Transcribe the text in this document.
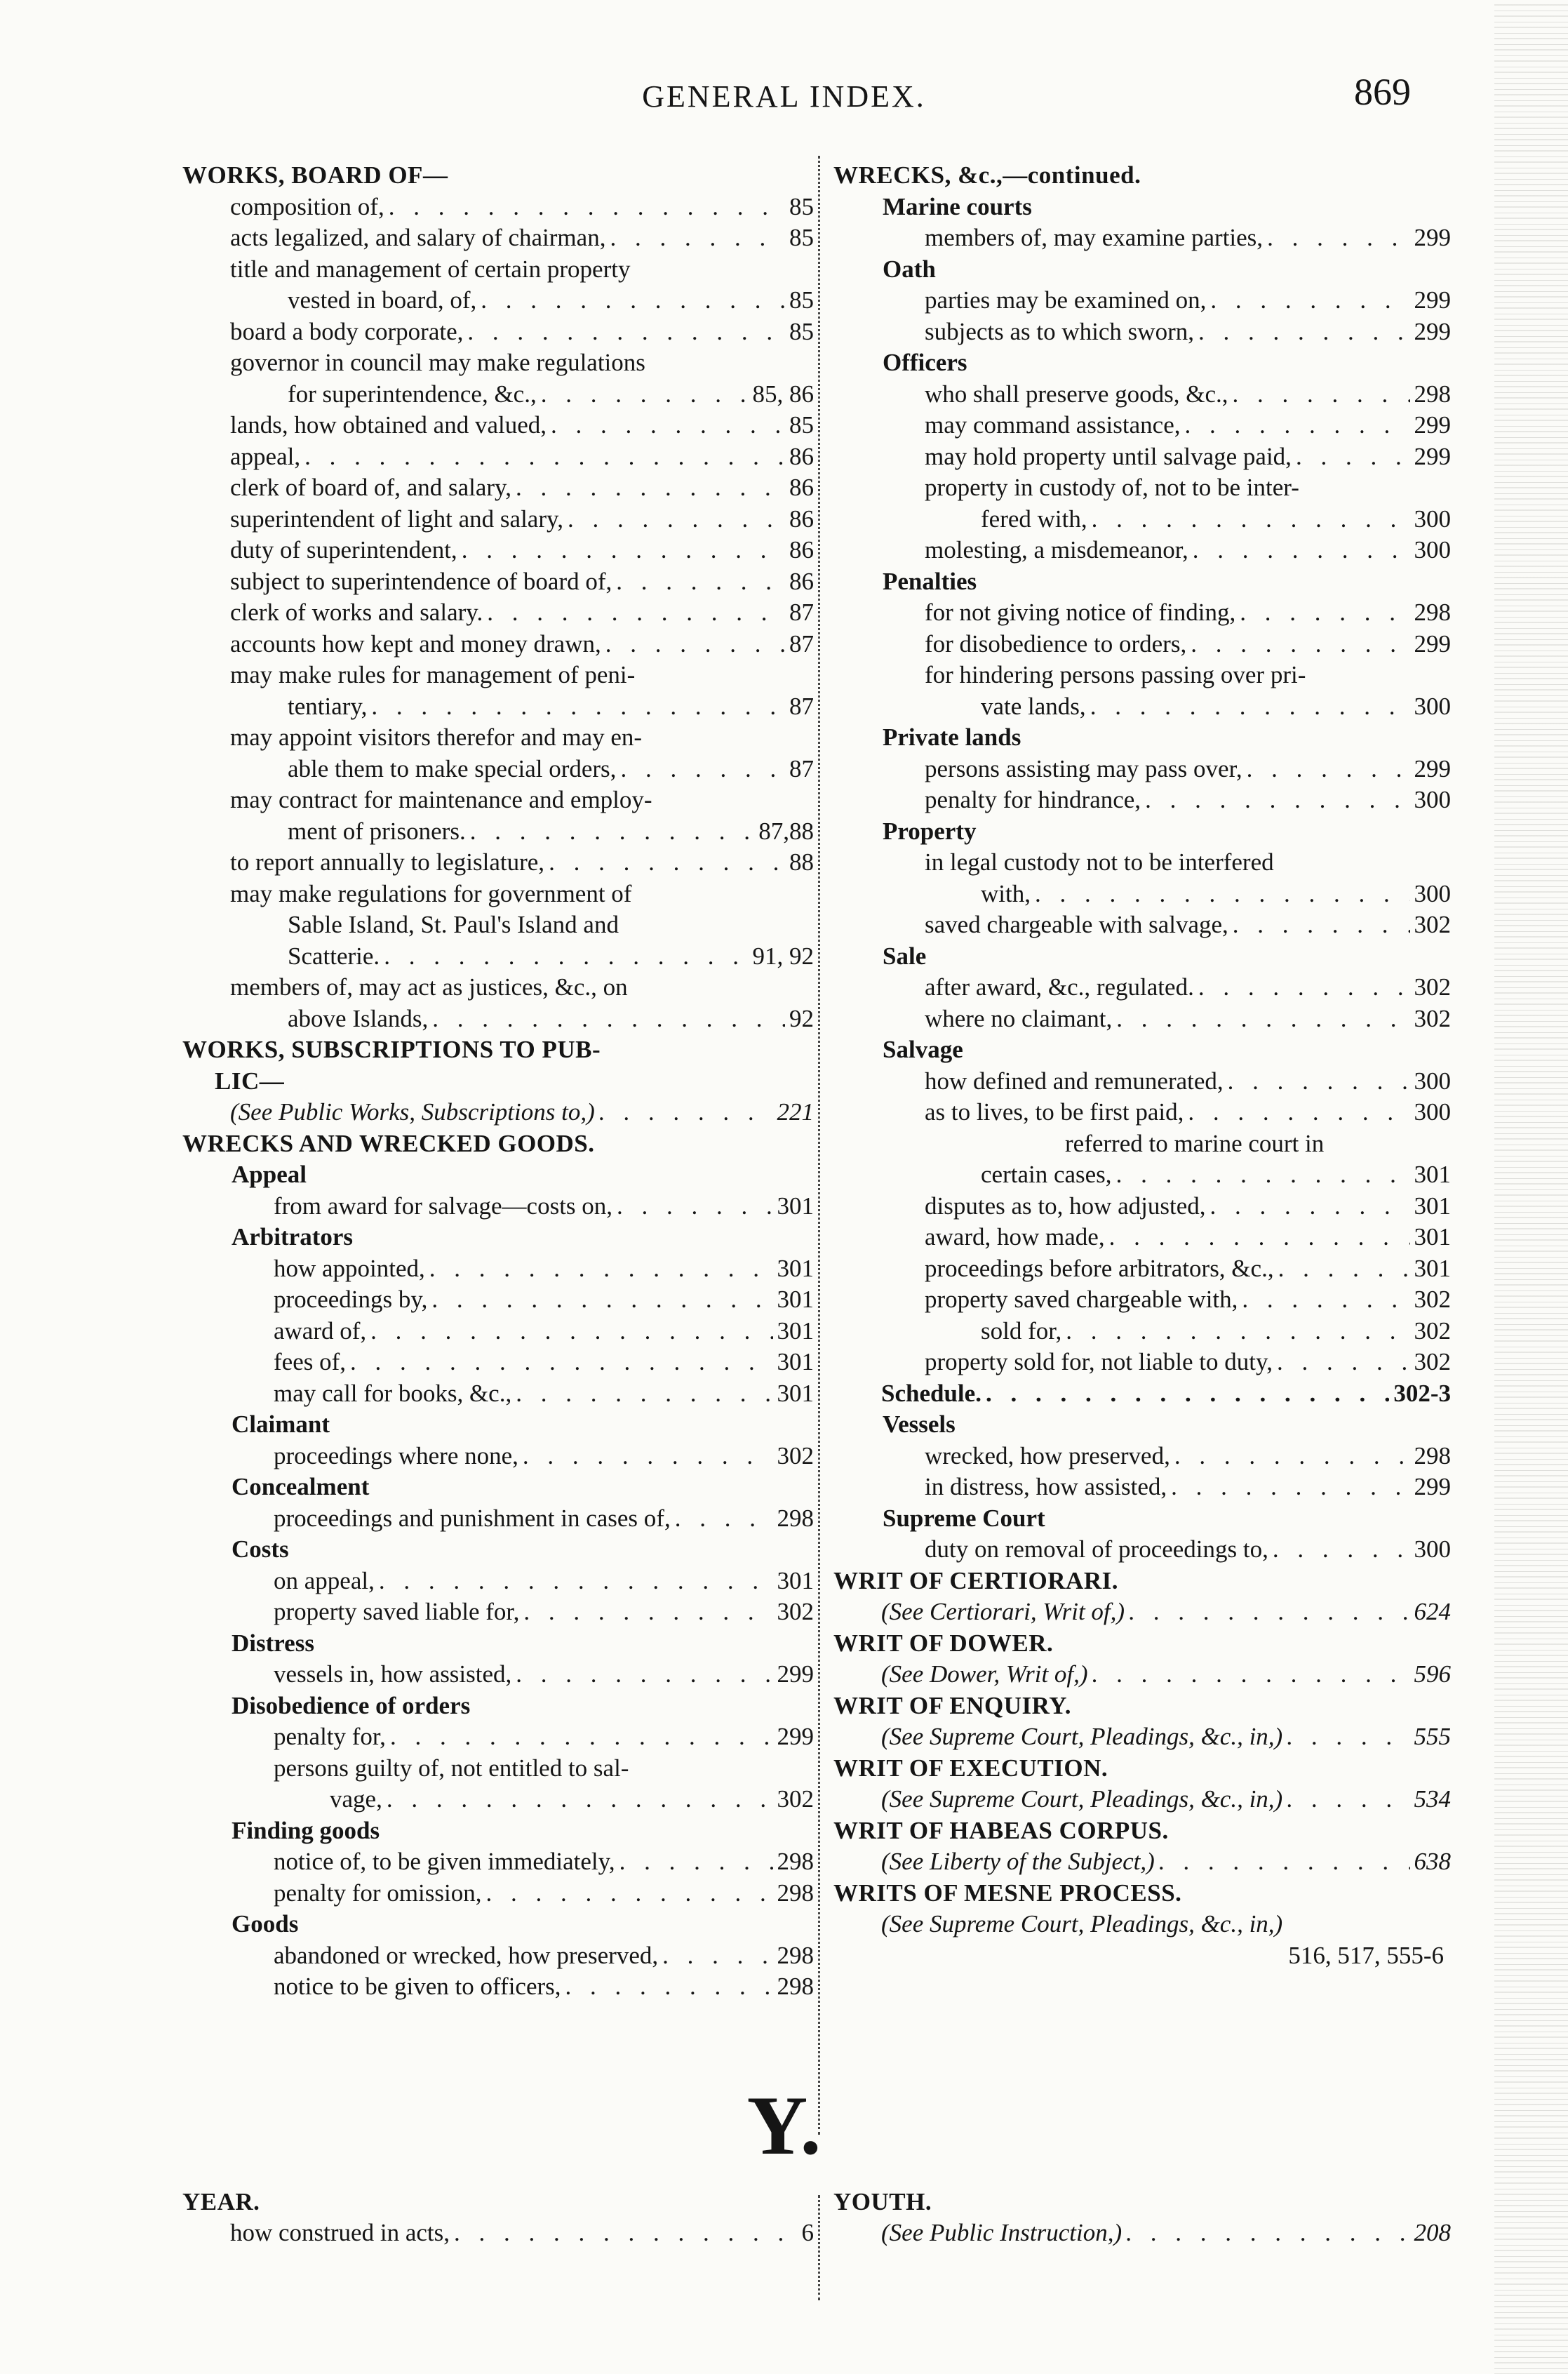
GENERAL INDEX.	869
WORKS, BOARD OF—
composition of, . . .	85
acts legalized, and salary of chairman, . . .	85
title and management of certain property
vested in board, of, . . .	85
board a body corporate, . . .	85
governor in council may make regulations
for superintendence, &c., . . .	85, 86
lands, how obtained and valued, . . .	85
appeal, . . .	86
clerk of board of, and salary, . . .	86
superintendent of light and salary, . . .	86
duty of superintendent, . . .	86
subject to superintendence of board of, . . .	86
clerk of works and salary. . . .	87
accounts how kept and money drawn, . . .	87
may make rules for management of peni-
tentiary, . . .	87
may appoint visitors therefor and may en-
able them to make special orders, . . .	87
may contract for maintenance and employ-
ment of prisoners. . . .	87,88
to report annually to legislature, . . .	88
may make regulations for government of
Sable Island, St. Paul's Island and
Scatterie. . . .	91, 92
members of, may act as justices, &c., on
above Islands, . . .	92
WORKS, SUBSCRIPTIONS TO PUB-
LIC—
(See Public Works, Subscriptions to,) . . .	221
WRECKS AND WRECKED GOODS.
Appeal
from award for salvage—costs on, . . .	301
Arbitrators
how appointed, . . .	301
proceedings by, . . .	301
award of, . . .	301
fees of, . . .	301
may call for books, &c., . . .	301
Claimant
proceedings where none, . . .	302
Concealment
proceedings and punishment in cases of, . . .	298
Costs
on appeal, . . .	301
property saved liable for, . . .	302
Distress
vessels in, how assisted, . . .	299
Disobedience of orders
penalty for, . . .	299
persons guilty of, not entitled to sal-
vage, . . .	302
Finding goods
notice of, to be given immediately, . . .	298
penalty for omission, . . .	298
Goods
abandoned or wrecked, how preserved, . . .	298
notice to be given to officers, . . .	298
WRECKS, &c.,—continued.
Marine courts
members of, may examine parties, . . .	299
Oath
parties may be examined on, . . .	299
subjects as to which sworn, . . .	299
Officers
who shall preserve goods, &c., . . .	298
may command assistance, . . .	299
may hold property until salvage paid, . . .	299
property in custody of, not to be inter-
fered with, . . .	300
molesting, a misdemeanor, . . .	300
Penalties
for not giving notice of finding, . . .	298
for disobedience to orders, . . .	299
for hindering persons passing over pri-
vate lands, . . .	300
Private lands
persons assisting may pass over, . . .	299
penalty for hindrance, . . .	300
Property
in legal custody not to be interfered
with, . . .	300
saved chargeable with salvage, . . .	302
Sale
after award, &c., regulated. . . .	302
where no claimant, . . .	302
Salvage
how defined and remunerated, . . .	300
as to lives, to be first paid, . . .	300
referred to marine court in
certain cases, . . .	301
disputes as to, how adjusted, . . .	301
award, how made, . . .	301
proceedings before arbitrators, &c., . . .	301
property saved chargeable with, . . .	302
sold for, . . .	302
property sold for, not liable to duty, . . .	302
Schedule. . . .	302-3
Vessels
wrecked, how preserved, . . .	298
in distress, how assisted, . . .	299
Supreme Court
duty on removal of proceedings to, . . .	300
WRIT OF CERTIORARI.
(See Certiorari, Writ of,) . . .	624
WRIT OF DOWER.
(See Dower, Writ of,) . . .	596
WRIT OF ENQUIRY.
(See Supreme Court, Pleadings, &c., in,) . . .	555
WRIT OF EXECUTION.
(See Supreme Court, Pleadings, &c., in,) . . .	534
WRIT OF HABEAS CORPUS.
(See Liberty of the Subject,) . . .	638
WRITS OF MESNE PROCESS.
(See Supreme Court, Pleadings, &c., in,)
516, 517, 555-6
Y.
YEAR.
how construed in acts, . . .	6
YOUTH.
(See Public Instruction,) . . .	208
